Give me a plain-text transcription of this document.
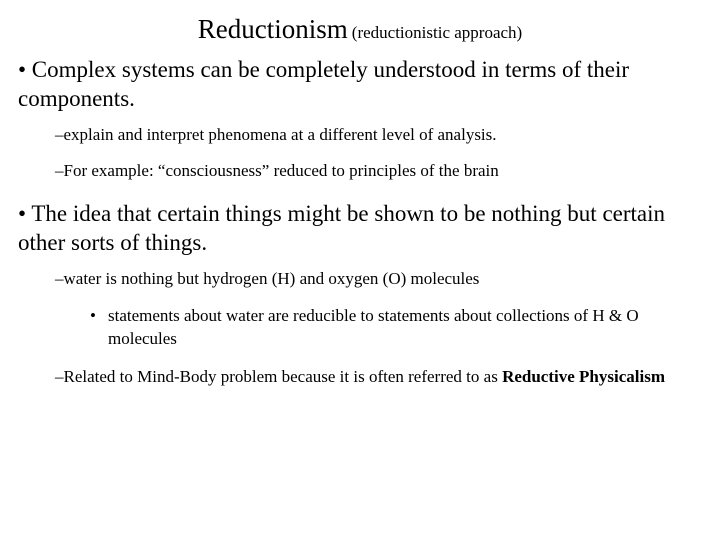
Reductionism (reductionistic approach)
• Complex systems can be completely understood in terms of their components.
–explain and interpret phenomena at a different level of analysis.
–For example: “consciousness” reduced to principles of the brain
• The idea that certain things might be shown to be nothing but certain other sorts of things.
–water is nothing but hydrogen (H) and oxygen (O) molecules
• statements about water are reducible to statements about collections of H & O molecules
–Related to Mind-Body problem because it is often referred to as Reductive Physicalism
